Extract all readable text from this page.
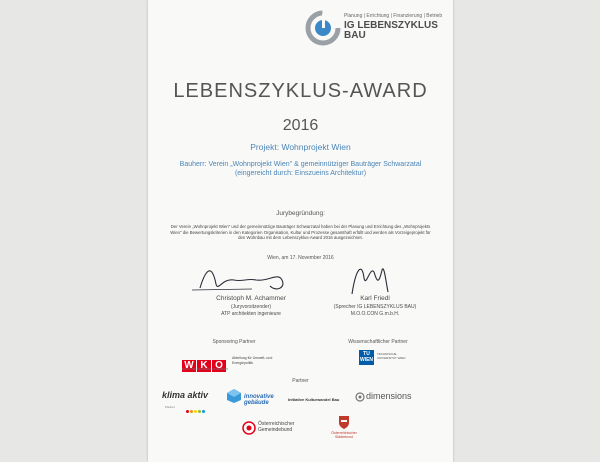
Planung | Errichtung | Finanzierung | Betrieb
IG LEBENSZYKLUS
BAU
LEBENSZYKLUS-AWARD
2016
Projekt: Wohnprojekt Wien
Bauherr: Verein „Wohnprojekt Wien" & gemeinnütziger Bauträger Schwarzatal
(eingereicht durch: Einszueins Architektur)
Jurybegründung:
Der Verein „Wohnprojekt Wien" und der gemeinnützige Bauträger Schwarzatal haben bei der Planung und Errichtung des „Wohnprojekts Wien" die Bewertungskriterien in den Kategorien Organisation, Kultur und Prozesse gesamthaft erfüllt und werden als Vorzeigeprojekt für den Wohnbau mit dem Lebenszyklus-Award 2016 ausgezeichnet.
Wien, am 17. November 2016
Christoph M. Achammer
(Juryvorsitzender)
ATP architekten ingenieure
Karl Friedl
(Sprecher IG LEBENSZYKLUS BAU)
M.O.O.CON G.m.b.H.
Sponsoring Partner	Wissenschaftlicher Partner
W K O
WIRTSCHAFTSKAMMER ÖSTERREICH
Abteilung für Umwelt- und Energiepolitik
TU WIEN
TECHNISCHE UNIVERSITÄT WIEN
Partner
klima aktiv
Partner
innovative
gebäude
Initiative Kulturwandel Bau	dimensions
Österreichischer
Gemeindebund	Österreichischer
Städtebund
